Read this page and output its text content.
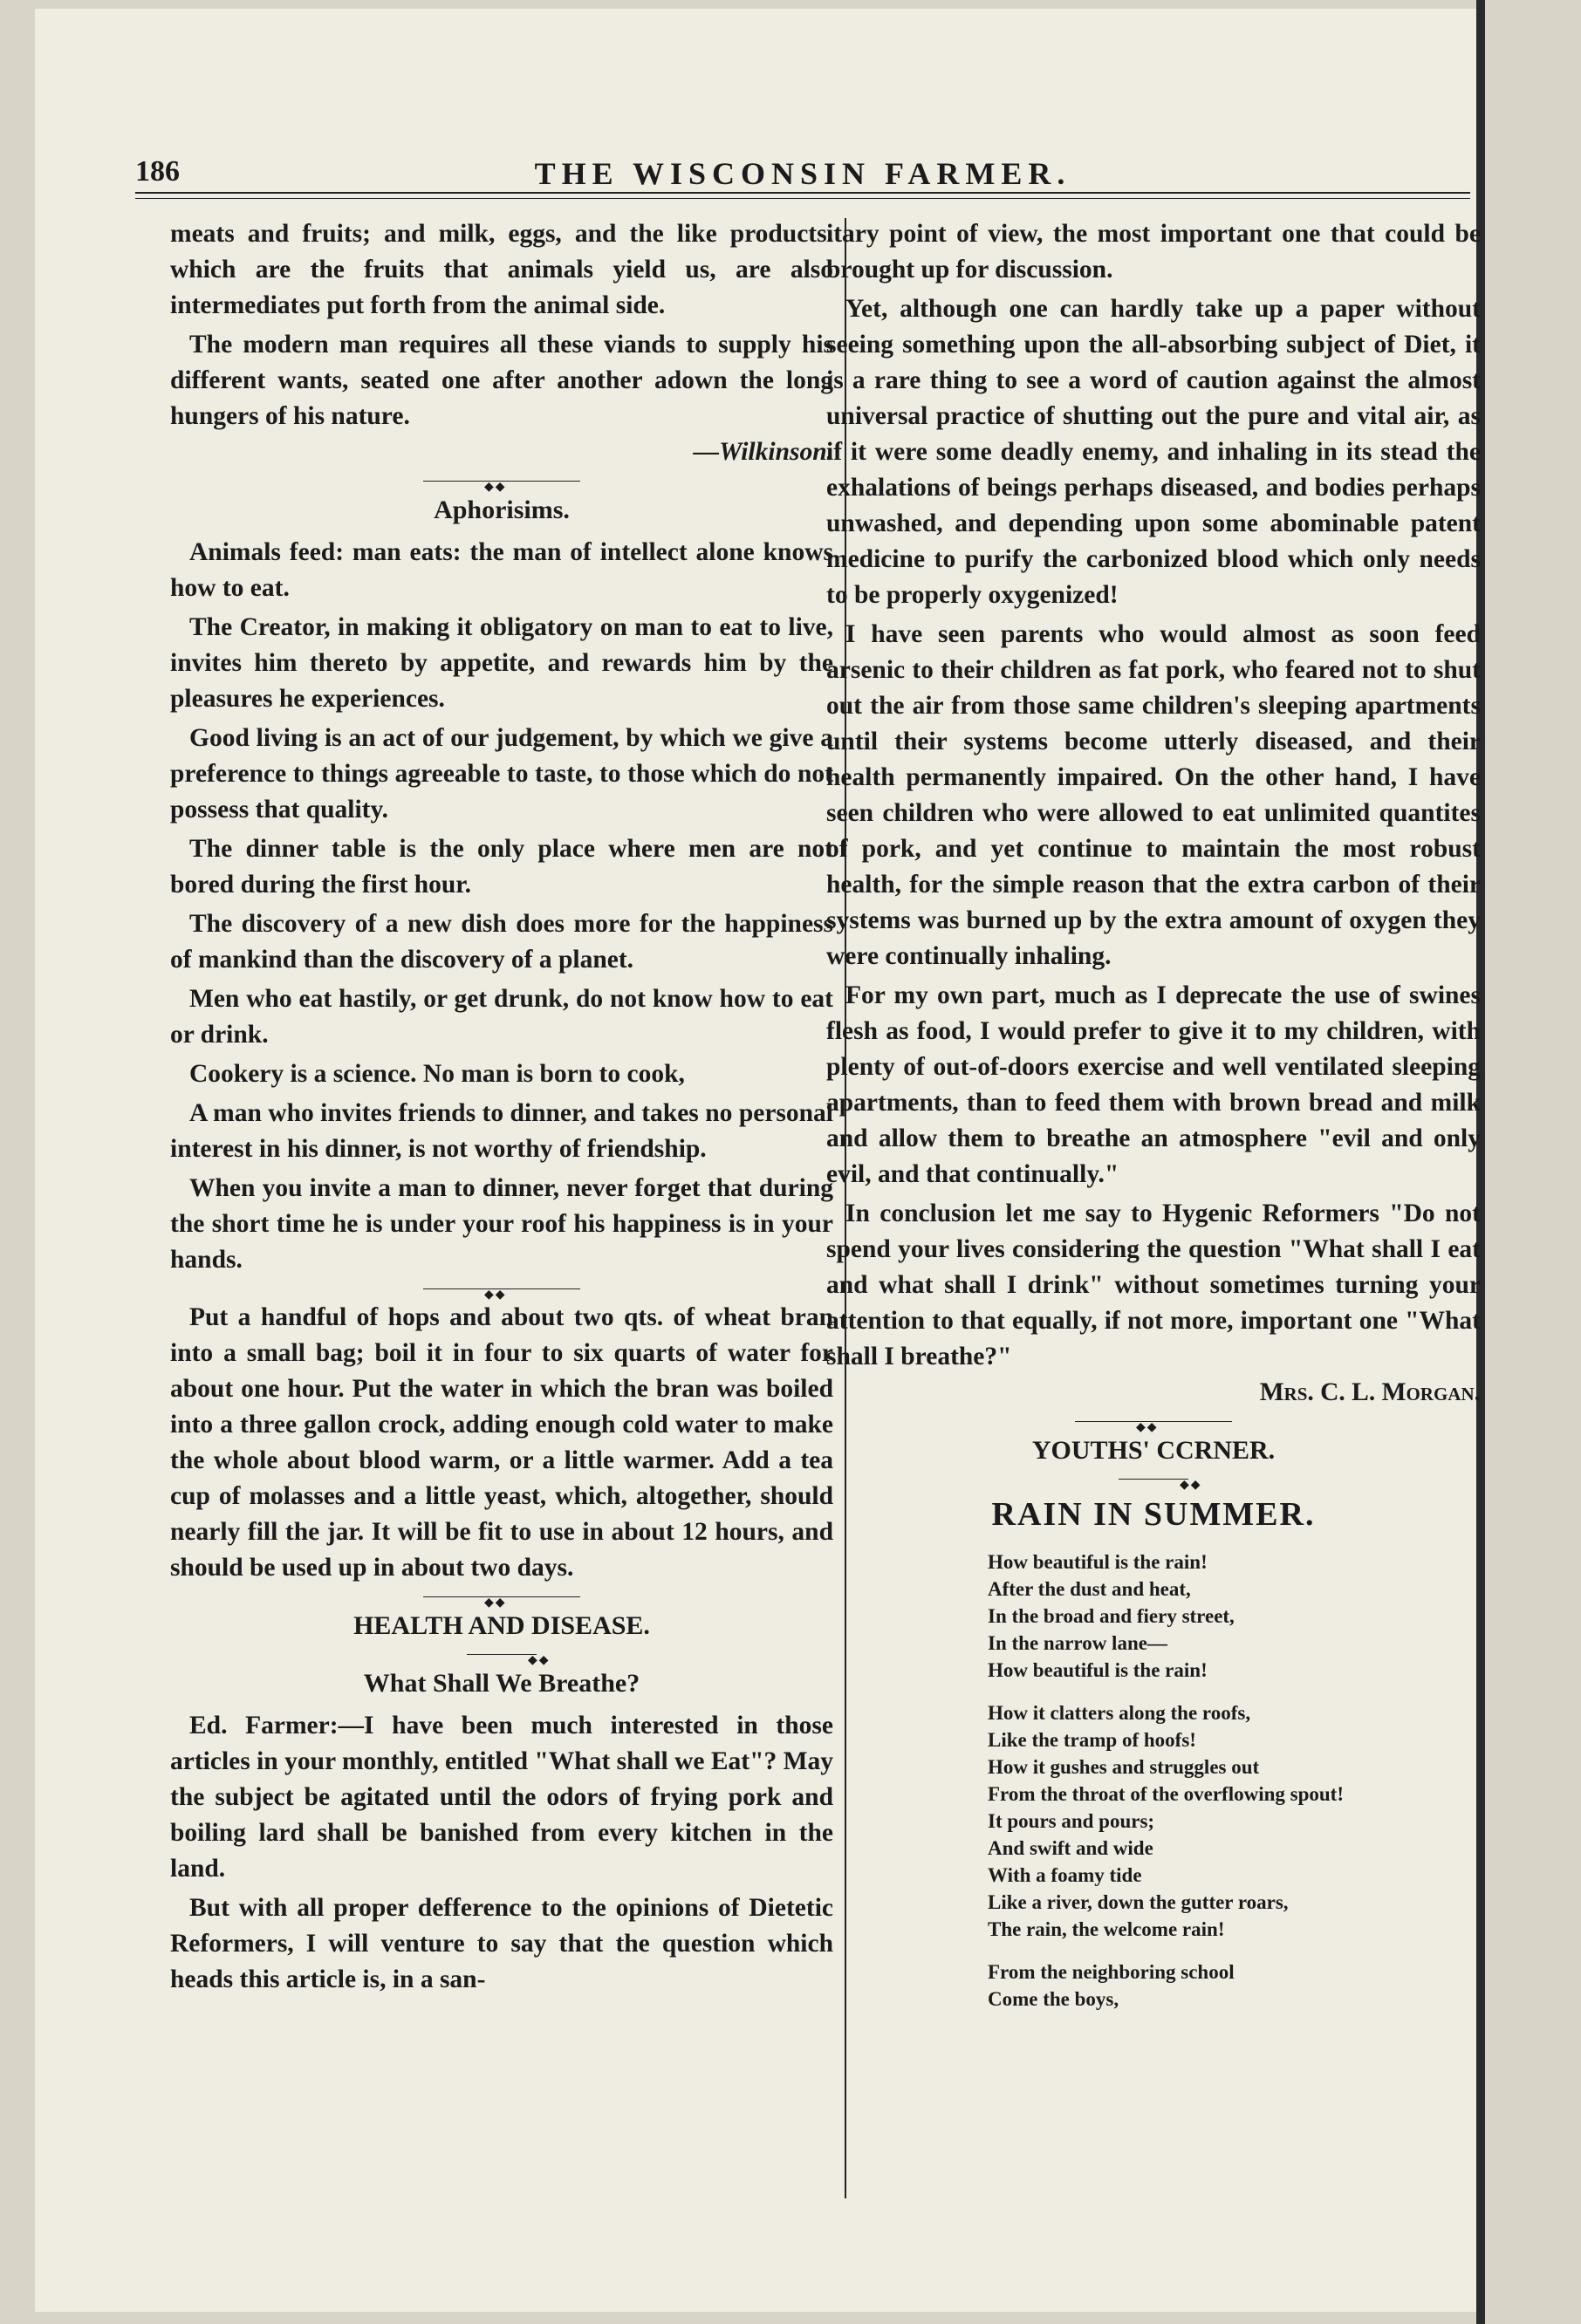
186	THE WISCONSIN FARMER.

meats and fruits; and milk, eggs, and the like products. which are the fruits that animals yield us, are also intermediates put forth from the animal side.

The modern man requires all these viands to supply his different wants, seated one after another adown the long hungers of his nature.

—Wilkinson.
◆◆
Aphorisims.

Animals feed: man eats: the man of intellect alone knows how to eat.

The Creator, in making it obligatory on man to eat to live, invites him thereto by appetite, and rewards him by the pleasures he experiences.

Good living is an act of our judgement, by which we give a preference to things agreeable to taste, to those which do not possess that quality.

The dinner table is the only place where men are not bored during the first hour.

The discovery of a new dish does more for the happiness of mankind than the discovery of a planet.

Men who eat hastily, or get drunk, do not know how to eat or drink.

Cookery is a science. No man is born to cook,

A man who invites friends to dinner, and takes no personal interest in his dinner, is not worthy of friendship.

When you invite a man to dinner, never forget that during the short time he is under your roof his happiness is in your hands.

◆◆

Put a handful of hops and about two qts. of wheat bran into a small bag; boil it in four to six quarts of water for about one hour. Put the water in which the bran was boiled into a three gallon crock, adding enough cold water to make the whole about blood warm, or a little warmer. Add a tea cup of molasses and a little yeast, which, altogether, should nearly fill the jar. It will be fit to use in about 12 hours, and should be used up in about two days.

◆◆
HEALTH AND DISEASE.
◆◆
What Shall We Breathe?

Ed. Farmer:—I have been much interested in those articles in your monthly, entitled "What shall we Eat"? May the subject be agitated until the odors of frying pork and boiling lard shall be banished from every kitchen in the land.

But with all proper defference to the opinions of Dietetic Reformers, I will venture to say that the question which heads this article is, in a san-

itary point of view, the most important one that could be brought up for discussion.

Yet, although one can hardly take up a paper without seeing something upon the all-absorbing subject of Diet, it is a rare thing to see a word of caution against the almost universal practice of shutting out the pure and vital air, as if it were some deadly enemy, and inhaling in its stead the exhalations of beings perhaps diseased, and bodies perhaps unwashed, and depending upon some abominable patent medicine to purify the carbonized blood which only needs to be properly oxygenized!

I have seen parents who would almost as soon feed arsenic to their children as fat pork, who feared not to shut out the air from those same children's sleeping apartments until their systems become utterly diseased, and their health permanently impaired. On the other hand, I have seen children who were allowed to eat unlimited quantites of pork, and yet continue to maintain the most robust health, for the simple reason that the extra carbon of their systems was burned up by the extra amount of oxygen they were continually inhaling.

For my own part, much as I deprecate the use of swines flesh as food, I would prefer to give it to my children, with plenty of out-of-doors exercise and well ventilated sleeping apartments, than to feed them with brown bread and milk and allow them to breathe an atmosphere "evil and only evil, and that continually."

In conclusion let me say to Hygenic Reformers "Do not spend your lives considering the question "What shall I eat and what shall I drink" without sometimes turning your attention to that equally, if not more, important one "What shall I breathe?"

Mrs. C. L. Morgan.
◆◆
YOUTHS' CCRNER.
◆◆
RAIN IN SUMMER.
How beautiful is the rain!
After the dust and heat,
In the broad and fiery street,
In the narrow lane—
How beautiful is the rain!
How it clatters along the roofs,
Like the tramp of hoofs!
How it gushes and struggles out
From the throat of the overflowing spout!
It pours and pours;
And swift and wide
With a foamy tide
Like a river, down the gutter roars,
The rain, the welcome rain!
From the neighboring school
Come the boys,
